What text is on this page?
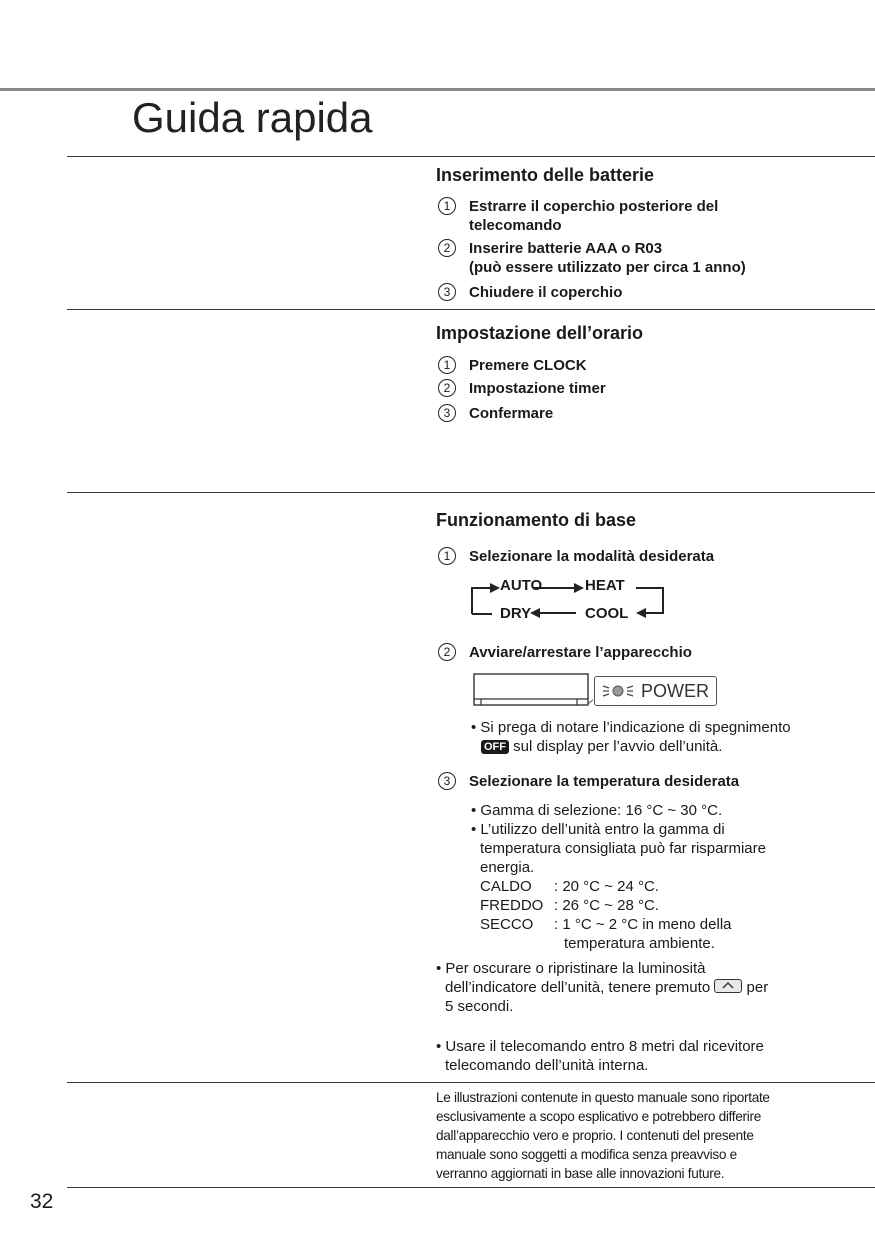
Guida rapida
Inserimento delle batterie
1	Estrarre il coperchio posteriore del
telecomando
2	Inserire batterie AAA o R03
(può essere utilizzato per circa 1 anno)
3	Chiudere il coperchio
Impostazione dell’orario
1	Premere CLOCK
2	Impostazione timer
3	Confermare
Funzionamento di base
1	Selezionare la modalità desiderata
AUTO	HEAT
DRY	COOL
2	Avviare/arrestare l’apparecchio
POWER
• Si prega di notare l’indicazione di spegnimento
OFF sul display per l’avvio dell’unità.
3	Selezionare la temperatura desiderata
• Gamma di selezione: 16 °C ~ 30 °C.
• L’utilizzo dell’unità entro la gamma di
temperatura consigliata può far risparmiare
energia.
CALDO : 20 °C ~ 24 °C.
FREDDO : 26 °C ~ 28 °C.
SECCO : 1 °C ~ 2 °C in meno della
temperatura ambiente.
• Per oscurare o ripristinare la luminosità
dell’indicatore dell’unità, tenere premuto per
5 secondi.
• Usare il telecomando entro 8 metri dal ricevitore
telecomando dell’unità interna.
Le illustrazioni contenute in questo manuale sono riportate
esclusivamente a scopo esplicativo e potrebbero differire
dall’apparecchio vero e proprio. I contenuti del presente
manuale sono soggetti a modifica senza preavviso e
verranno aggiornati in base alle innovazioni future.
32
